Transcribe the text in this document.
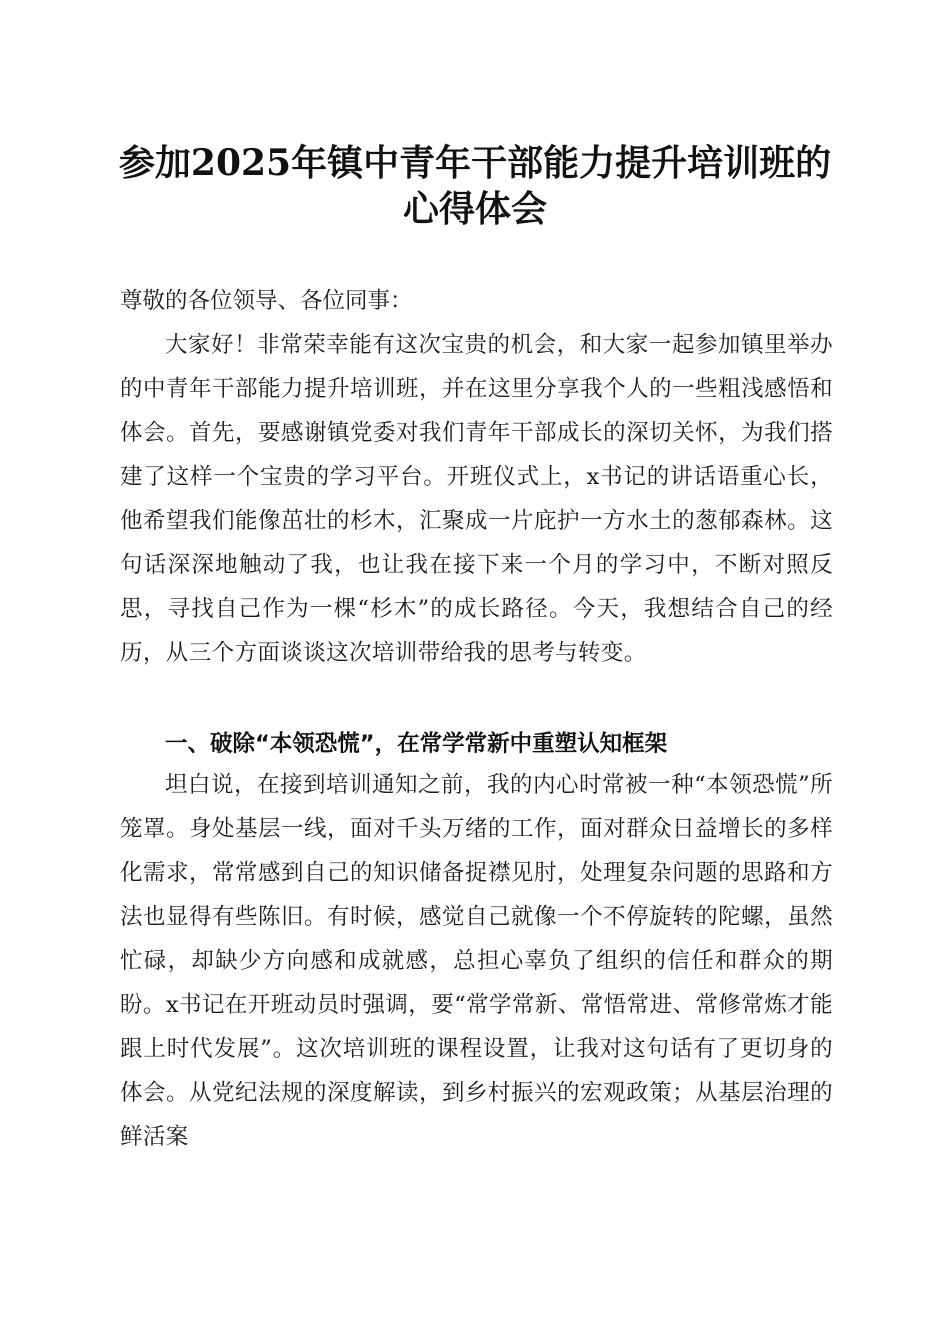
参加2025年镇中青年干部能力提升培训班的
心得体会
尊敬的各位领导、各位同事：
大家好！非常荣幸能有这次宝贵的机会，和大家一起参加镇里举办的中青年干部能力提升培训班，并在这里分享我个人的一些粗浅感悟和体会。首先，要感谢镇党委对我们青年干部成长的深切关怀，为我们搭建了这样一个宝贵的学习平台。开班仪式上，x书记的讲话语重心长，他希望我们能像茁壮的杉木，汇聚成一片庇护一方水土的葱郁森林。这句话深深地触动了我，也让我在接下来一个月的学习中，不断对照反思，寻找自己作为一棵“杉木”的成长路径。今天，我想结合自己的经历，从三个方面谈谈这次培训带给我的思考与转变。
一、破除“本领恐慌”，在常学常新中重塑认知框架
坦白说，在接到培训通知之前，我的内心时常被一种“本领恐慌”所笼罩。身处基层一线，面对千头万绪的工作，面对群众日益增长的多样化需求，常常感到自己的知识储备捉襟见肘，处理复杂问题的思路和方法也显得有些陈旧。有时候，感觉自己就像一个不停旋转的陀螺，虽然忙碌，却缺少方向感和成就感，总担心辜负了组织的信任和群众的期盼。x书记在开班动员时强调，要“常学常新、常悟常进、常修常炼才能跟上时代发展”。这次培训班的课程设置，让我对这句话有了更切身的体会。从党纪法规的深度解读，到乡村振兴的宏观政策；从基层治理的鲜活案
